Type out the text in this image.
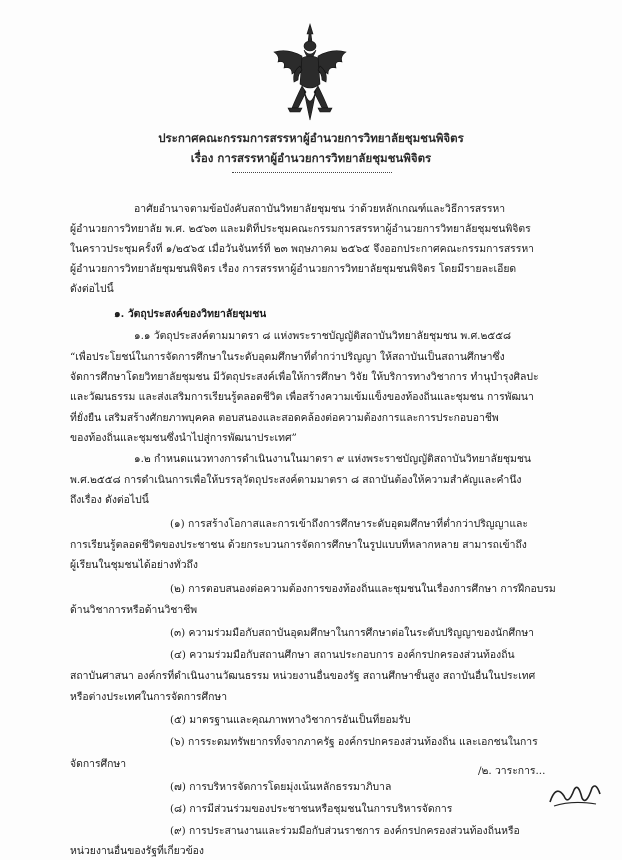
ประกาศคณะกรรมการสรรหาผู้อำนวยการวิทยาลัยชุมชนพิจิตร
เรื่อง การสรรหาผู้อำนวยการวิทยาลัยชุมชนพิจิตร
อาศัยอำนาจตามข้อบังคับสถาบันวิทยาลัยชุมชน ว่าด้วยหลักเกณฑ์และวิธีการสรรหา
ผู้อำนวยการวิทยาลัย พ.ศ. ๒๕๖๓ และมติที่ประชุมคณะกรรมการสรรหาผู้อำนวยการวิทยาลัยชุมชนพิจิตร
ในคราวประชุมครั้งที่ ๑/๒๕๖๕ เมื่อวันจันทร์ที่ ๒๓ พฤษภาคม ๒๕๖๕ จึงออกประกาศคณะกรรมการสรรหา
ผู้อำนวยการวิทยาลัยชุมชนพิจิตร เรื่อง การสรรหาผู้อำนวยการวิทยาลัยชุมชนพิจิตร โดยมีรายละเอียด
ดังต่อไปนี้
๑. วัตถุประสงค์ของวิทยาลัยชุมชน
๑.๑ วัตถุประสงค์ตามมาตรา ๘ แห่งพระราชบัญญัติสถาบันวิทยาลัยชุมชน พ.ศ.๒๕๕๘
“เพื่อประโยชน์ในการจัดการศึกษาในระดับอุดมศึกษาที่ต่ำกว่าปริญญา ให้สถาบันเป็นสถานศึกษาซึ่ง
จัดการศึกษาโดยวิทยาลัยชุมชน มีวัตถุประสงค์เพื่อให้การศึกษา วิจัย ให้บริการทางวิชาการ ทำนุบำรุงศิลปะ
และวัฒนธรรม และส่งเสริมการเรียนรู้ตลอดชีวิต เพื่อสร้างความเข้มแข็งของท้องถิ่นและชุมชน การพัฒนา
ที่ยั่งยืน เสริมสร้างศักยภาพบุคคล ตอบสนองและสอดคล้องต่อความต้องการและการประกอบอาชีพ
ของท้องถิ่นและชุมชนซึ่งนำไปสู่การพัฒนาประเทศ”
๑.๒ กำหนดแนวทางการดำเนินงานในมาตรา ๙ แห่งพระราชบัญญัติสถาบันวิทยาลัยชุมชน
พ.ศ.๒๕๕๘ การดำเนินการเพื่อให้บรรลุวัตถุประสงค์ตามมาตรา ๘ สถาบันต้องให้ความสำคัญและคำนึง
ถึงเรื่อง ดังต่อไปนี้
(๑) การสร้างโอกาสและการเข้าถึงการศึกษาระดับอุดมศึกษาที่ต่ำกว่าปริญญาและ
การเรียนรู้ตลอดชีวิตของประชาชน ด้วยกระบวนการจัดการศึกษาในรูปแบบที่หลากหลาย สามารถเข้าถึง
ผู้เรียนในชุมชนได้อย่างทั่วถึง
(๒) การตอบสนองต่อความต้องการของท้องถิ่นและชุมชนในเรื่องการศึกษา การฝึกอบรม
ด้านวิชาการหรือด้านวิชาชีพ
(๓) ความร่วมมือกับสถาบันอุดมศึกษาในการศึกษาต่อในระดับปริญญาของนักศึกษา
(๔) ความร่วมมือกับสถานศึกษา สถานประกอบการ องค์กรปกครองส่วนท้องถิ่น
สถาบันศาสนา องค์กรที่ดำเนินงานวัฒนธรรม หน่วยงานอื่นของรัฐ สถานศึกษาชั้นสูง สถาบันอื่นในประเทศ
หรือต่างประเทศในการจัดการศึกษา
(๕) มาตรฐานและคุณภาพทางวิชาการอันเป็นที่ยอมรับ
(๖) การระดมทรัพยากรทั้งจากภาครัฐ องค์กรปกครองส่วนท้องถิ่น และเอกชนในการ
จัดการศึกษา
(๗) การบริหารจัดการโดยมุ่งเน้นหลักธรรมาภิบาล
(๘) การมีส่วนร่วมของประชาชนหรือชุมชนในการบริหารจัดการ
(๙) การประสานงานและร่วมมือกับส่วนราชการ องค์กรปกครองส่วนท้องถิ่นหรือ
หน่วยงานอื่นของรัฐที่เกี่ยวข้อง
/๒. วาระการ...
